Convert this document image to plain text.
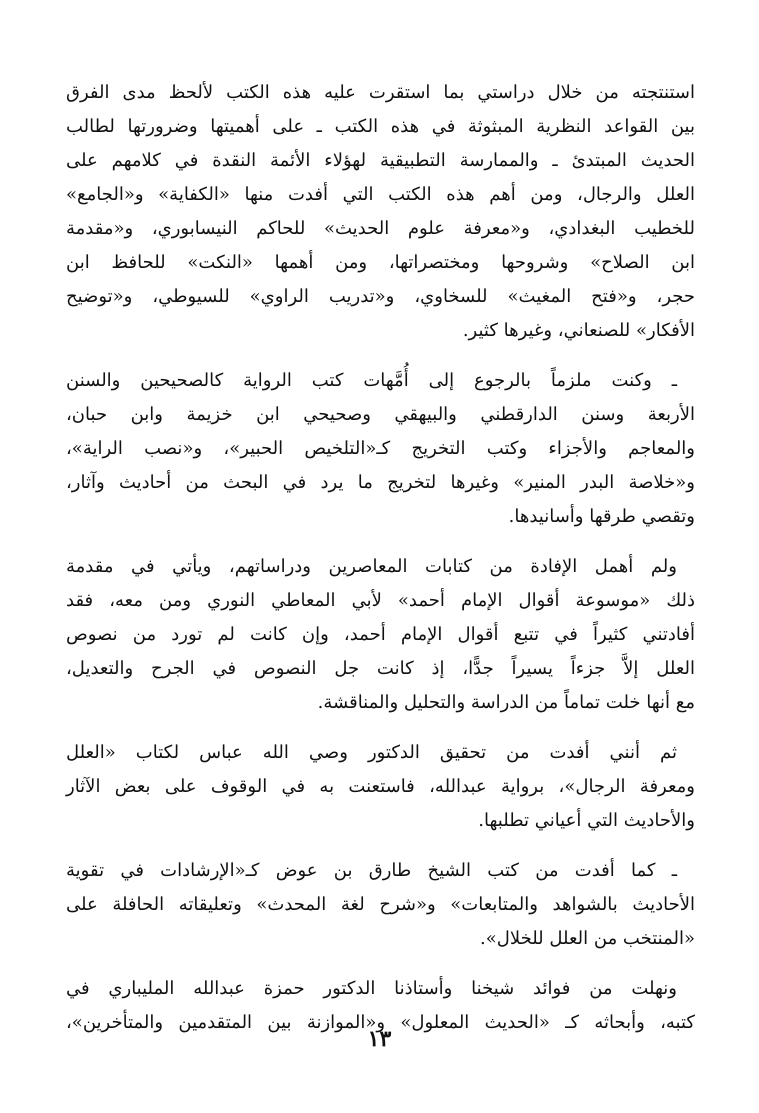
استنتجته من خلال دراستي بما استقرت عليه هذه الكتب لألحظ مدى الفرق
بين القواعد النظرية المبثوثة في هذه الكتب ـ على أهميتها وضرورتها لطالب
الحديث المبتدئ ـ والممارسة التطبيقية لهؤلاء الأئمة النقدة في كلامهم على
العلل والرجال، ومن أهم هذه الكتب التي أفدت منها «الكفاية» و«الجامع»
للخطيب البغدادي، و«معرفة علوم الحديث» للحاكم النيسابوري، و«مقدمة
ابن الصلاح» وشروحها ومختصراتها، ومن أهمها «النكت» للحافظ ابن
حجر، و«فتح المغيث» للسخاوي، و«تدريب الراوي» للسيوطي، و«توضيح
الأفكار» للصنعاني، وغيرها كثير.
ـ وكنت ملزماً بالرجوع إلى أُمَّهات كتب الرواية كالصحيحين والسنن
الأربعة وسنن الدارقطني والبيهقي وصحيحي ابن خزيمة وابن حبان،
والمعاجم والأجزاء وكتب التخريج كـ«التلخيص الحبير»، و«نصب الراية»،
و«خلاصة البدر المنير» وغيرها لتخريج ما يرد في البحث من أحاديث وآثار،
وتقصي طرقها وأسانيدها.
ولم أهمل الإفادة من كتابات المعاصرين ودراساتهم، ويأتي في مقدمة
ذلك «موسوعة أقوال الإمام أحمد» لأبي المعاطي النوري ومن معه، فقد
أفادتني كثيراً في تتبع أقوال الإمام أحمد، وإن كانت لم تورد من نصوص
العلل إلاَّ جزءاً يسيراً جدًّا، إذ كانت جل النصوص في الجرح والتعديل،
مع أنها خلت تماماً من الدراسة والتحليل والمناقشة.
ثم أنني أفدت من تحقيق الدكتور وصي الله عباس لكتاب «العلل
ومعرفة الرجال»، برواية عبدالله، فاستعنت به في الوقوف على بعض الآثار
والأحاديث التي أعياني تطلبها.
ـ كما أفدت من كتب الشيخ طارق بن عوض كـ«الإرشادات في تقوية
الأحاديث بالشواهد والمتابعات» و«شرح لغة المحدث» وتعليقاته الحافلة على
«المنتخب من العلل للخلال».
ونهلت من فوائد شيخنا وأستاذنا الدكتور حمزة عبدالله المليباري في
كتبه، وأبحاثه كـ «الحديث المعلول» و«الموازنة بين المتقدمين والمتأخرين»،
١٣
